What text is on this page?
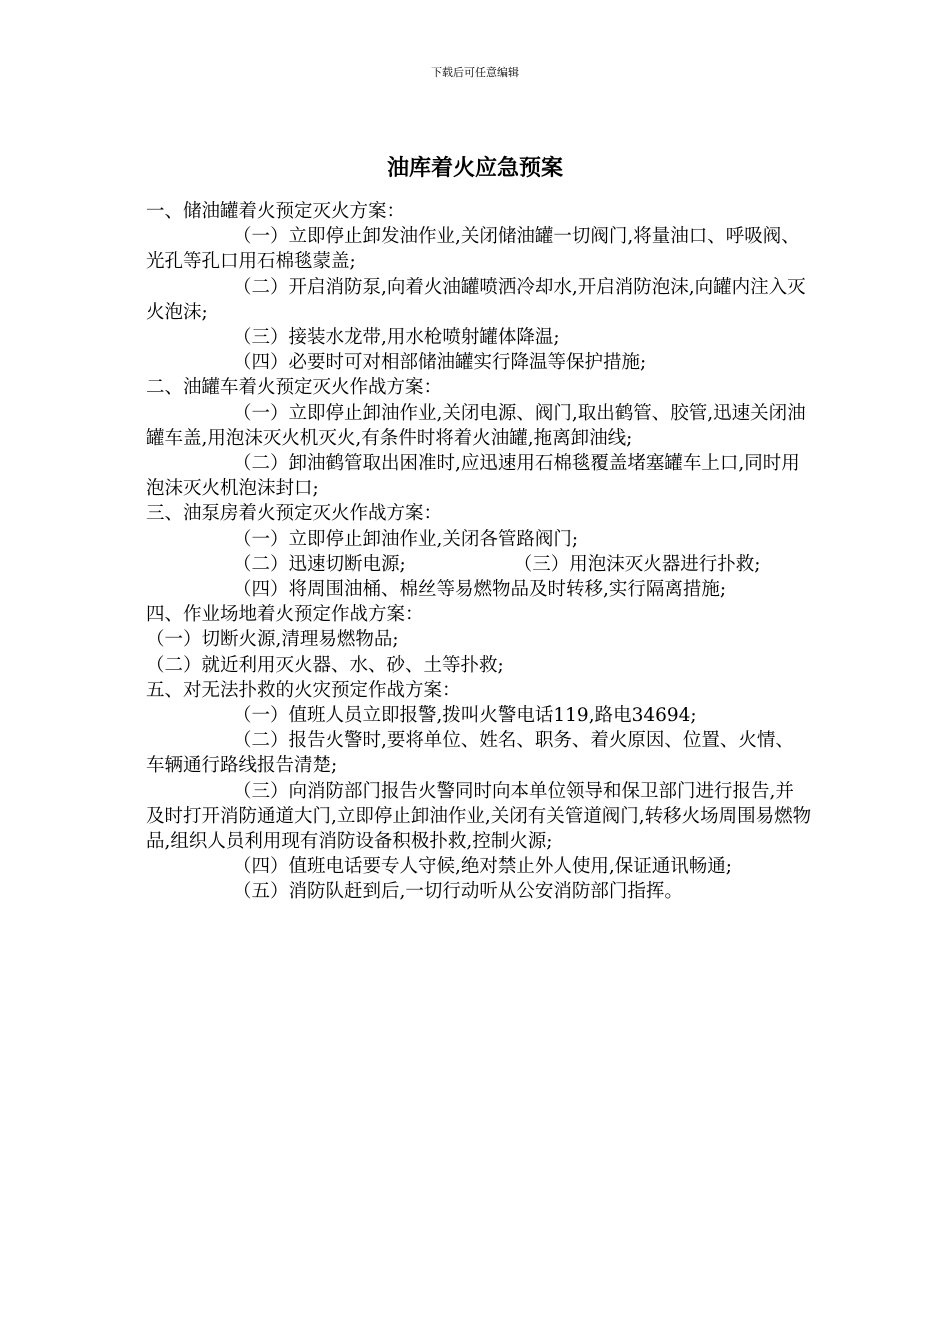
下载后可任意编辑
油库着火应急预案

一、储油罐着火预定灭火方案：

（一）立即停止卸发油作业,关闭储油罐一切阀门,将量油口、呼吸阀、光孔等孔口用石棉毯蒙盖;

（二）开启消防泵,向着火油罐喷洒冷却水,开启消防泡沫,向罐内注入灭火泡沫;

（三）接装水龙带,用水枪喷射罐体降温;

（四）必要时可对相部储油罐实行降温等保护措施;

二、油罐车着火预定灭火作战方案：

（一）立即停止卸油作业,关闭电源、阀门,取出鹤管、胶管,迅速关闭油罐车盖,用泡沫灭火机灭火,有条件时将着火油罐,拖离卸油线;

（二）卸油鹤管取出困准时,应迅速用石棉毯覆盖堵塞罐车上口,同时用泡沫灭火机泡沫封口;

三、油泵房着火预定灭火作战方案：

（一）立即停止卸油作业,关闭各管路阀门;

（二）迅速切断电源;	（三）用泡沫灭火器进行扑救;

（四）将周围油桶、棉丝等易燃物品及时转移,实行隔离措施;

四、作业场地着火预定作战方案：

（一）切断火源,清理易燃物品;

（二）就近利用灭火器、水、砂、土等扑救;

五、对无法扑救的火灾预定作战方案：

（一）值班人员立即报警,拨叫火警电话119,路电34694;

（二）报告火警时,要将单位、姓名、职务、着火原因、位置、火情、车辆通行路线报告清楚;

（三）向消防部门报告火警同时向本单位领导和保卫部门进行报告,并及时打开消防通道大门,立即停止卸油作业,关闭有关管道阀门,转移火场周围易燃物品,组织人员利用现有消防设备积极扑救,控制火源;

（四）值班电话要专人守候,绝对禁止外人使用,保证通讯畅通;

（五）消防队赶到后,一切行动听从公安消防部门指挥。
